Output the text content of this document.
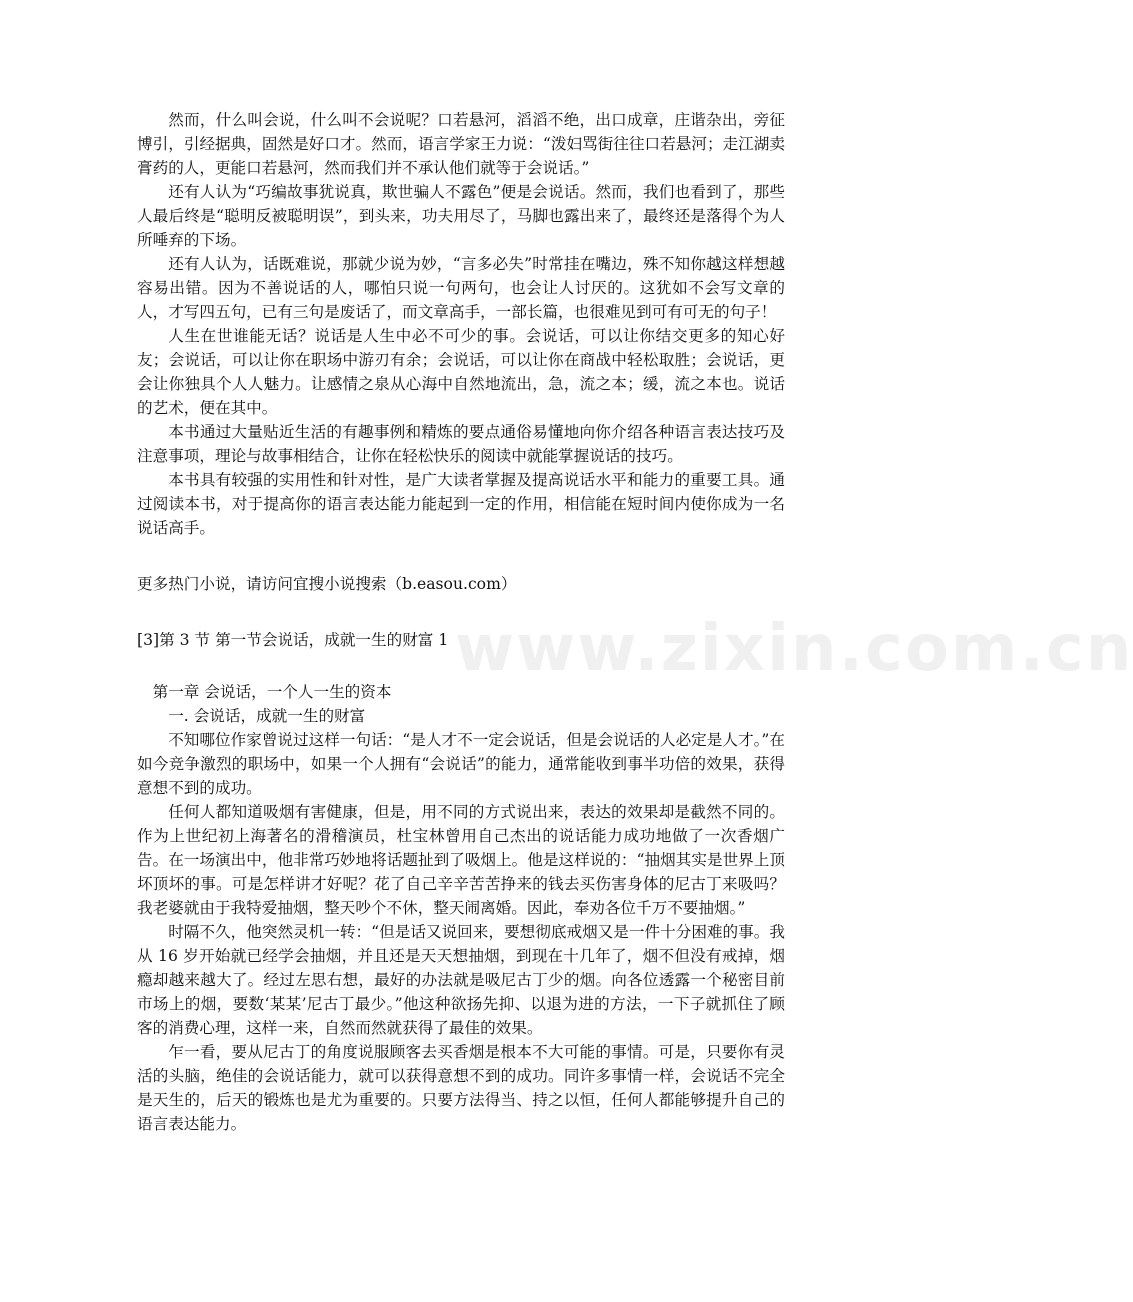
www.zixin.com.cn

然而，什么叫会说，什么叫不会说呢？口若悬河，滔滔不绝，出口成章，庄谐杂出，旁征博引，引经据典，固然是好口才。然而，语言学家王力说：“泼妇骂街往往口若悬河；走江湖卖膏药的人，更能口若悬河，然而我们并不承认他们就等于会说话。”

还有人认为“巧编故事犹说真，欺世骗人不露色”便是会说话。然而，我们也看到了，那些人最后终是“聪明反被聪明误”，到头来，功夫用尽了，马脚也露出来了，最终还是落得个为人所唾弃的下场。

还有人认为，话既难说，那就少说为妙，“言多必失”时常挂在嘴边，殊不知你越这样想越容易出错。因为不善说话的人，哪怕只说一句两句，也会让人讨厌的。这犹如不会写文章的人，才写四五句，已有三句是废话了，而文章高手，一部长篇，也很难见到可有可无的句子！

人生在世谁能无话？说话是人生中必不可少的事。会说话，可以让你结交更多的知心好友；会说话，可以让你在职场中游刃有余；会说话，可以让你在商战中轻松取胜；会说话，更会让你独具个人人魅力。让感情之泉从心海中自然地流出，急，流之本；缓，流之本也。说话的艺术，便在其中。

本书通过大量贴近生活的有趣事例和精炼的要点通俗易懂地向你介绍各种语言表达技巧及注意事项，理论与故事相结合，让你在轻松快乐的阅读中就能掌握说话的技巧。

本书具有较强的实用性和针对性，是广大读者掌握及提高说话水平和能力的重要工具。通过阅读本书，对于提高你的语言表达能力能起到一定的作用，相信能在短时间内使你成为一名说话高手。

更多热门小说，请访问宜搜小说搜索（b.easou.com）

[3]第 3 节 第一节会说话，成就一生的财富 1

第一章 会说话，一个人一生的资本

一. 会说话，成就一生的财富

不知哪位作家曾说过这样一句话：“是人才不一定会说话，但是会说话的人必定是人才。”在如今竞争激烈的职场中，如果一个人拥有“会说话”的能力，通常能收到事半功倍的效果，获得意想不到的成功。

任何人都知道吸烟有害健康，但是，用不同的方式说出来，表达的效果却是截然不同的。作为上世纪初上海著名的滑稽演员，杜宝林曾用自己杰出的说话能力成功地做了一次香烟广告。在一场演出中，他非常巧妙地将话题扯到了吸烟上。他是这样说的：“抽烟其实是世界上顶坏顶坏的事。可是怎样讲才好呢？花了自己辛辛苦苦挣来的钱去买伤害身体的尼古丁来吸吗？我老婆就由于我特爱抽烟，整天吵个不休，整天闹离婚。因此，奉劝各位千万不要抽烟。”

时隔不久，他突然灵机一转：“但是话又说回来，要想彻底戒烟又是一件十分困难的事。我从 16 岁开始就已经学会抽烟，并且还是天天想抽烟，到现在十几年了，烟不但没有戒掉，烟瘾却越来越大了。经过左思右想，最好的办法就是吸尼古丁少的烟。向各位透露一个秘密目前市场上的烟，要数‘某某’尼古丁最少。”他这种欲扬先抑、以退为进的方法，一下子就抓住了顾客的消费心理，这样一来，自然而然就获得了最佳的效果。

乍一看，要从尼古丁的角度说服顾客去买香烟是根本不大可能的事情。可是，只要你有灵活的头脑，绝佳的会说话能力，就可以获得意想不到的成功。同许多事情一样，会说话不完全是天生的，后天的锻炼也是尤为重要的。只要方法得当、持之以恒，任何人都能够提升自己的语言表达能力。
